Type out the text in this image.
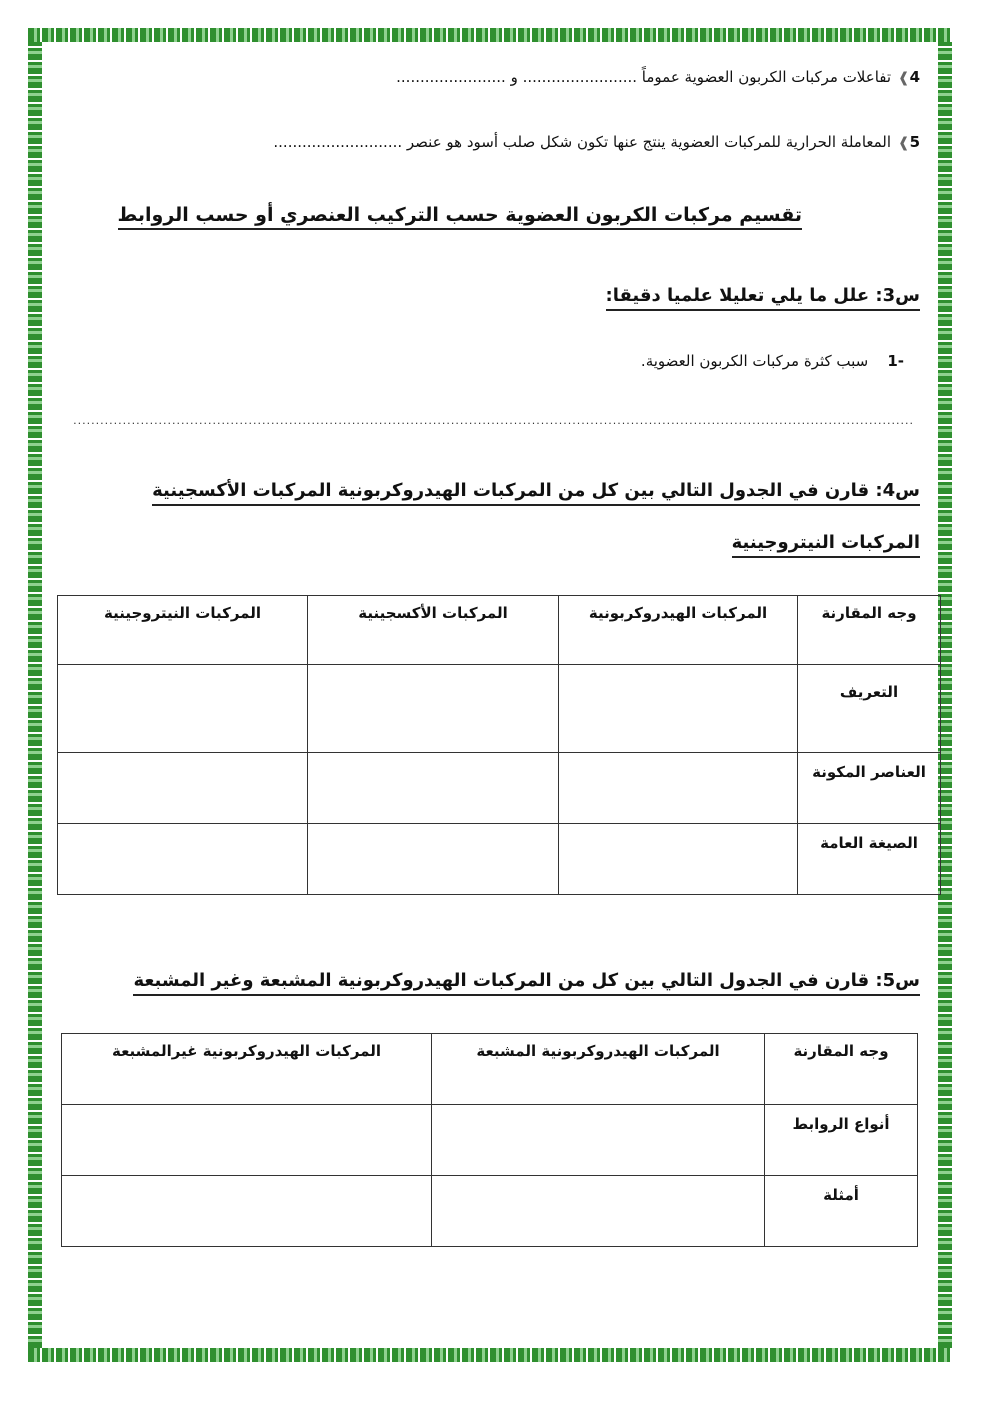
4❱ تفاعلات مركبات الكربون العضوية عموماً ........................ و .......................
5❱ المعاملة الحرارية للمركبات العضوية ينتج عنها تكون شكل صلب أسود هو عنصر ...........................
تقسيم مركبات الكربون العضوية حسب التركيب العنصري أو حسب الروابط
س3: علل ما يلي تعليلا علميا دقيقا:
-1    سبب كثرة مركبات الكربون العضوية.
...........................................................................................................................................................................................
س4: قارن في الجدول التالي بين كل من المركبات الهيدروكربونية المركبات الأكسجينية
المركبات النيتروجينية
وجه المقارنة	المركبات الهيدروكربونية	المركبات الأكسجينية	المركبات النيتروجينية
التعريف			
العناصر المكونة			
الصيغة العامة			
س5: قارن في الجدول التالي بين كل من المركبات الهيدروكربونية المشبعة وغير المشبعة
وجه المقارنة	المركبات الهيدروكربونية المشبعة	المركبات الهيدروكربونية غيرالمشبعة
أنواع الروابط		
أمثلة		
